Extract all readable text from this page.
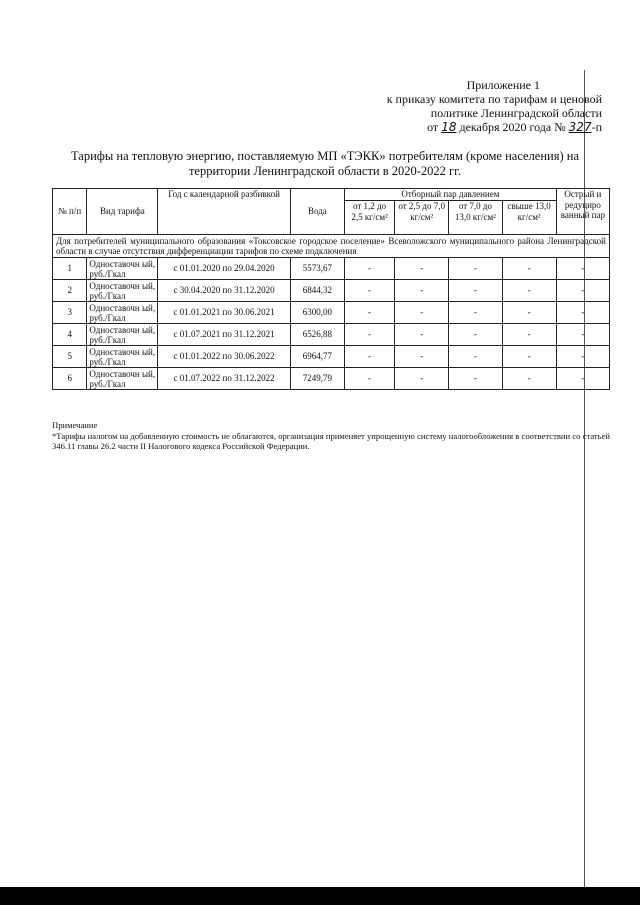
Приложение 1
к приказу комитета по тарифам и ценовой
политике Ленинградской области
от 18 декабря 2020 года № 327-п
Тарифы на тепловую энергию, поставляемую МП «ТЭКК» потребителям (кроме населения) на
территории Ленинградской области в 2020-2022 гг.
№ п/п	Вид тарифа	Год с календарной разбивкой	Вода	Отборный пар давлением				Острый и редуциро ванный пар
				от 1,2 до 2,5 кг/см²	от 2,5 до 7,0 кг/см²	от 7,0 до 13,0 кг/см²	свыше 13,0 кг/см²	
Для потребителей муниципального образования «Токсовское городское поселение» Всеволожского муниципального района Ленинградской области в случае отсутствия дифференциации тарифов по схеме подключения								
1	Одноставочн ый, руб./Гкал	с 01.01.2020 по 29.04.2020	5573,67	-	-	-	-	-
2	Одноставочн ый, руб./Гкал	с 30.04.2020 по 31.12.2020	6844,32	-	-	-	-	-
3	Одноставочн ый, руб./Гкал	с 01.01.2021 по 30.06.2021	6300,00	-	-	-	-	-
4	Одноставочн ый, руб./Гкал	с 01.07.2021 по 31.12.2021	6526,88	-	-	-	-	-
5	Одноставочн ый, руб./Гкал	с 01.01.2022 по 30.06.2022	6964,77	-	-	-	-	-
6	Одноставочн ый, руб./Гкал	с 01.07.2022 по 31.12.2022	7249,79	-	-	-	-	-
Примечание
*Тарифы налогом на добавленную стоимость не облагаются, организация применяет упрощенную систему налогообложения в соответствии со статьей 346.11 главы 26.2 части II Налогового кодекса Российской Федерации.
